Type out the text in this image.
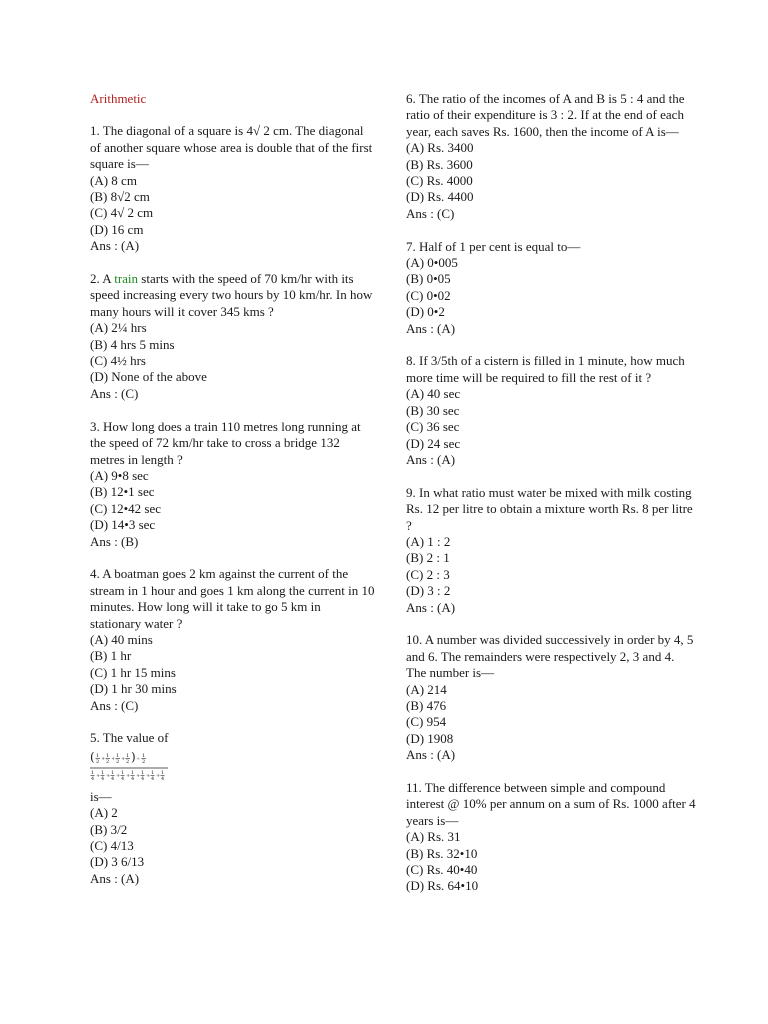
Arithmetic
1. The diagonal of a square is 4√ 2 cm. The diagonal of another square whose area is double that of the first square is—
(A) 8 cm
(B) 8√2 cm
(C) 4√ 2 cm
(D) 16 cm
Ans : (A)
2. A train starts with the speed of 70 km/hr with its speed increasing every two hours by 10 km/hr. In how many hours will it cover 345 kms ?
(A) 2¼ hrs
(B) 4 hrs 5 mins
(C) 4½ hrs
(D) None of the above
Ans : (C)
3. How long does a train 110 metres long running at the speed of 72 km/hr take to cross a bridge 132 metres in length ?
(A) 9•8 sec
(B) 12•1 sec
(C) 12•42 sec
(D) 14•3 sec
Ans : (B)
4. A boatman goes 2 km against the current of the stream in 1 hour and goes 1 km along the current in 10 minutes. How long will it take to go 5 km in stationary water ?
(A) 40 mins
(B) 1 hr
(C) 1 hr 15 mins
(D) 1 hr 30 mins
Ans : (C)
5. The value of
( 1
2 + 1
2 + 1
2 + 1
2 ) ÷ 1
2
1
4 + 1
4 + 1
4 + 1
4 + 1
4 + 1
4 + 1
4 + 1
4
is—
(A) 2
(B) 3/2
(C) 4/13
(D) 3 6/13
Ans : (A)
6. The ratio of the incomes of A and B is 5 : 4 and the ratio of their expenditure is 3 : 2. If at the end of each year, each saves Rs. 1600, then the income of A is—
(A) Rs. 3400
(B) Rs. 3600
(C) Rs. 4000
(D) Rs. 4400
Ans : (C)
7. Half of 1 per cent is equal to—
(A) 0•005
(B) 0•05
(C) 0•02
(D) 0•2
Ans : (A)
8. If 3/5th of a cistern is filled in 1 minute, how much more time will be required to fill the rest of it ?
(A) 40 sec
(B) 30 sec
(C) 36 sec
(D) 24 sec
Ans : (A)
9. In what ratio must water be mixed with milk costing Rs. 12 per litre to obtain a mixture worth Rs. 8 per litre ?
(A) 1 : 2
(B) 2 : 1
(C) 2 : 3
(D) 3 : 2
Ans : (A)
10. A number was divided successively in order by 4, 5 and 6. The remainders were respectively 2, 3 and 4. The number is—
(A) 214
(B) 476
(C) 954
(D) 1908
Ans : (A)
11. The difference between simple and compound interest @ 10% per annum on a sum of Rs. 1000 after 4 years is—
(A) Rs. 31
(B) Rs. 32•10
(C) Rs. 40•40
(D) Rs. 64•10
